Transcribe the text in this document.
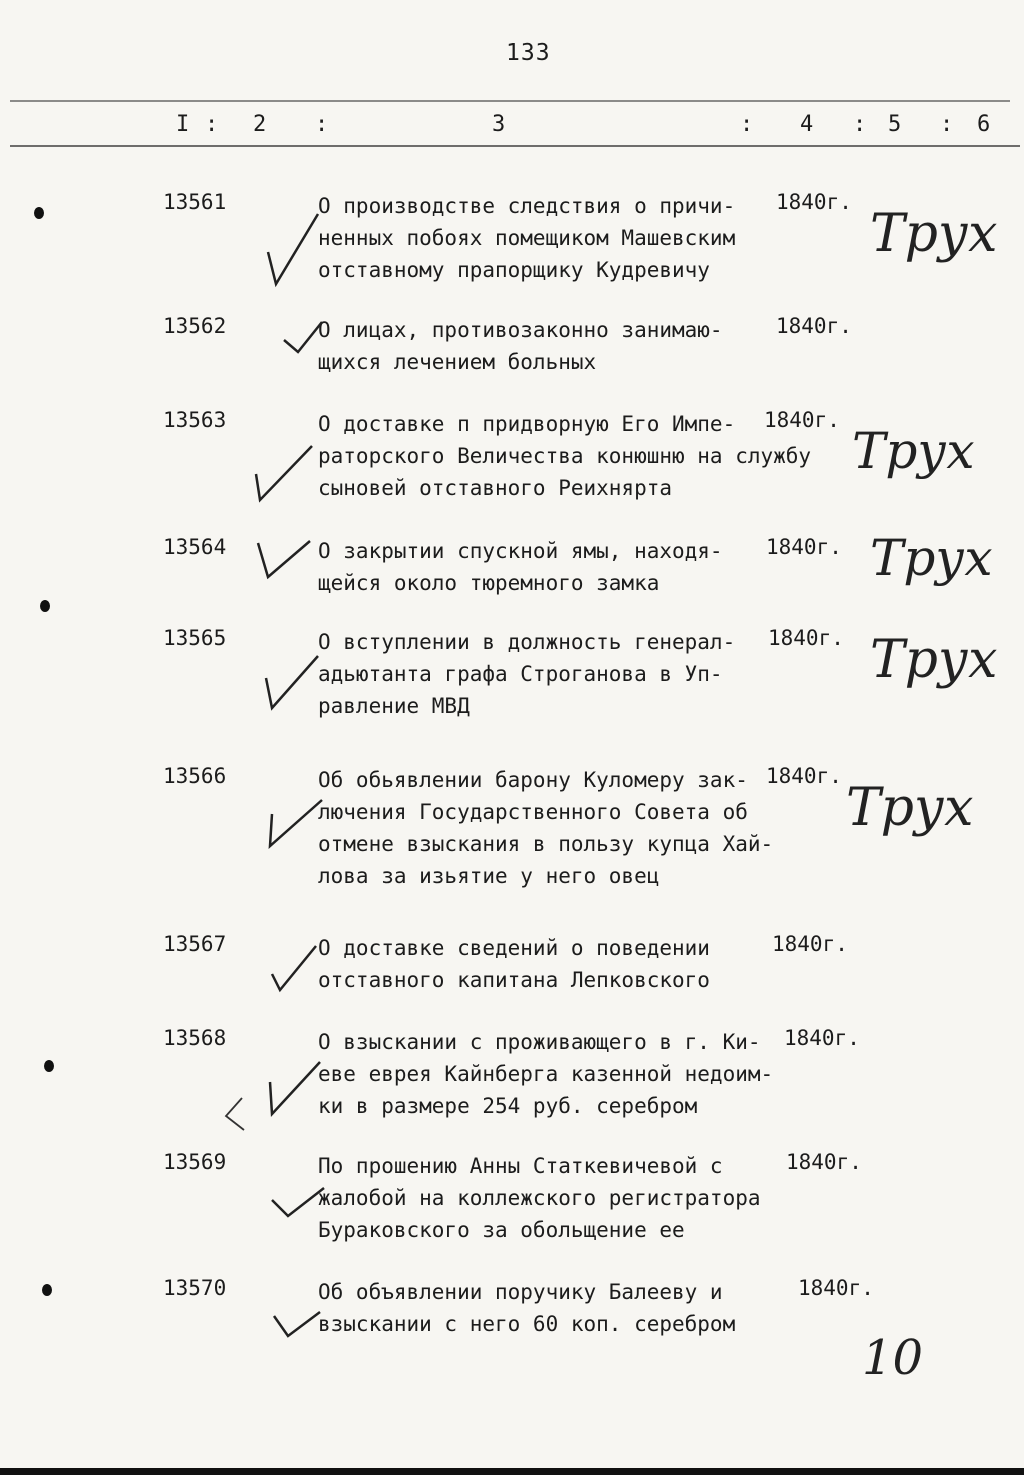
133
I : 2 :	3	: 4 : 5 : 6
13561	О производстве следствия о причи-
ненных побоях помещиком Машевским
отставному прапорщику Кудревичу
1840г.
Трух
13562	О лицах, противозаконно занимаю-
щихся лечением больных
1840г.
13563	О доставке п придворную Его Импе-
раторского Величества конюшню на службу
сыновей отставного Реихнярта
1840г.
Трух
13564	О закрытии спускной ямы, находя-
щейся около тюремного замка
1840г. Трух
13565	О вступлении в должность генерал-
адьютанта графа Строганова в Уп-
равление МВД
1840г. Трух
13566	Об обьявлении барону Куломеру зак-
лючения Государственного Совета об
отмене взыскания в пользу купца Хай-
лова за изьятие у него овец
1840г.
Трух
13567	О доставке сведений о поведении
отставного капитана Лепковского
1840г.
13568	О взыскании с проживающего в г. Ки-
еве еврея Кайнберга казенной недоим-
ки в размере 254 руб. серебром
1840г.
13569	По прошению Анны Статкевичевой с
жалобой на коллежского регистратора
Бураковского за обольщение ее
1840г.
13570	Об объявлении поручику Балееву и
взыскании с него 60 коп. серебром
1840г.
10
